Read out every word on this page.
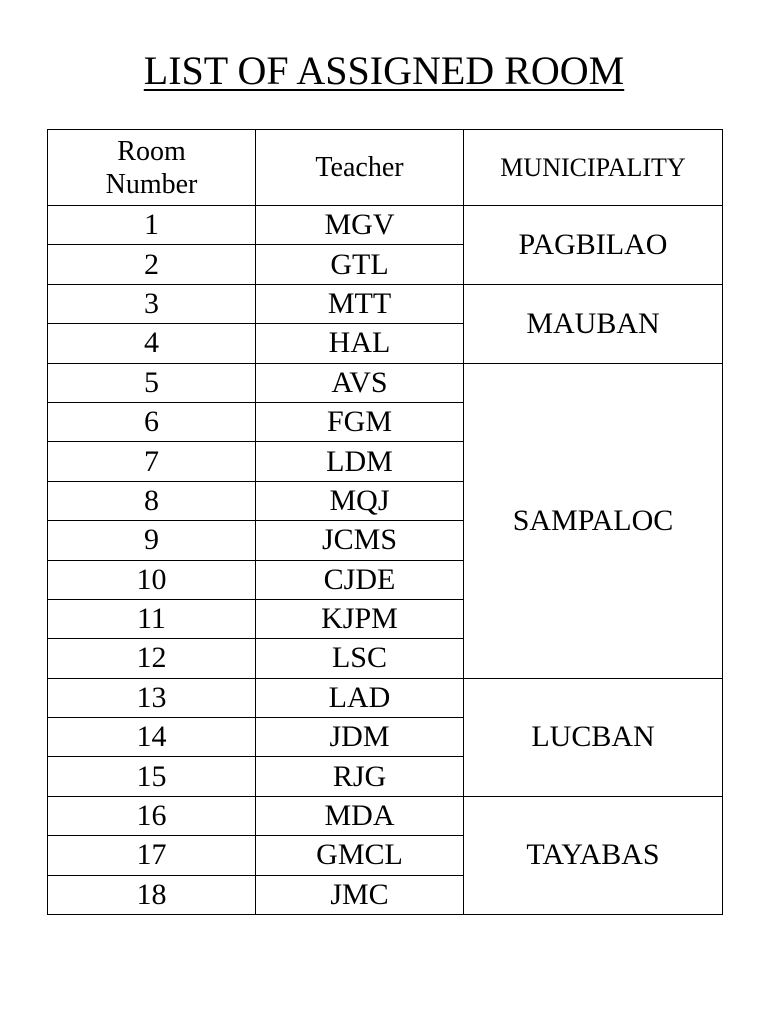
LIST OF ASSIGNED ROOM
Room
Number	Teacher	MUNICIPALITY
1	MGV	PAGBILAO
2	GTL	
3	MTT	MAUBAN
4	HAL	
5	AVS	SAMPALOC
6	FGM	
7	LDM	
8	MQJ	
9	JCMS	
10	CJDE	
11	KJPM	
12	LSC	
13	LAD	LUCBAN
14	JDM	
15	RJG	
16	MDA	TAYABAS
17	GMCL	
18	JMC	
